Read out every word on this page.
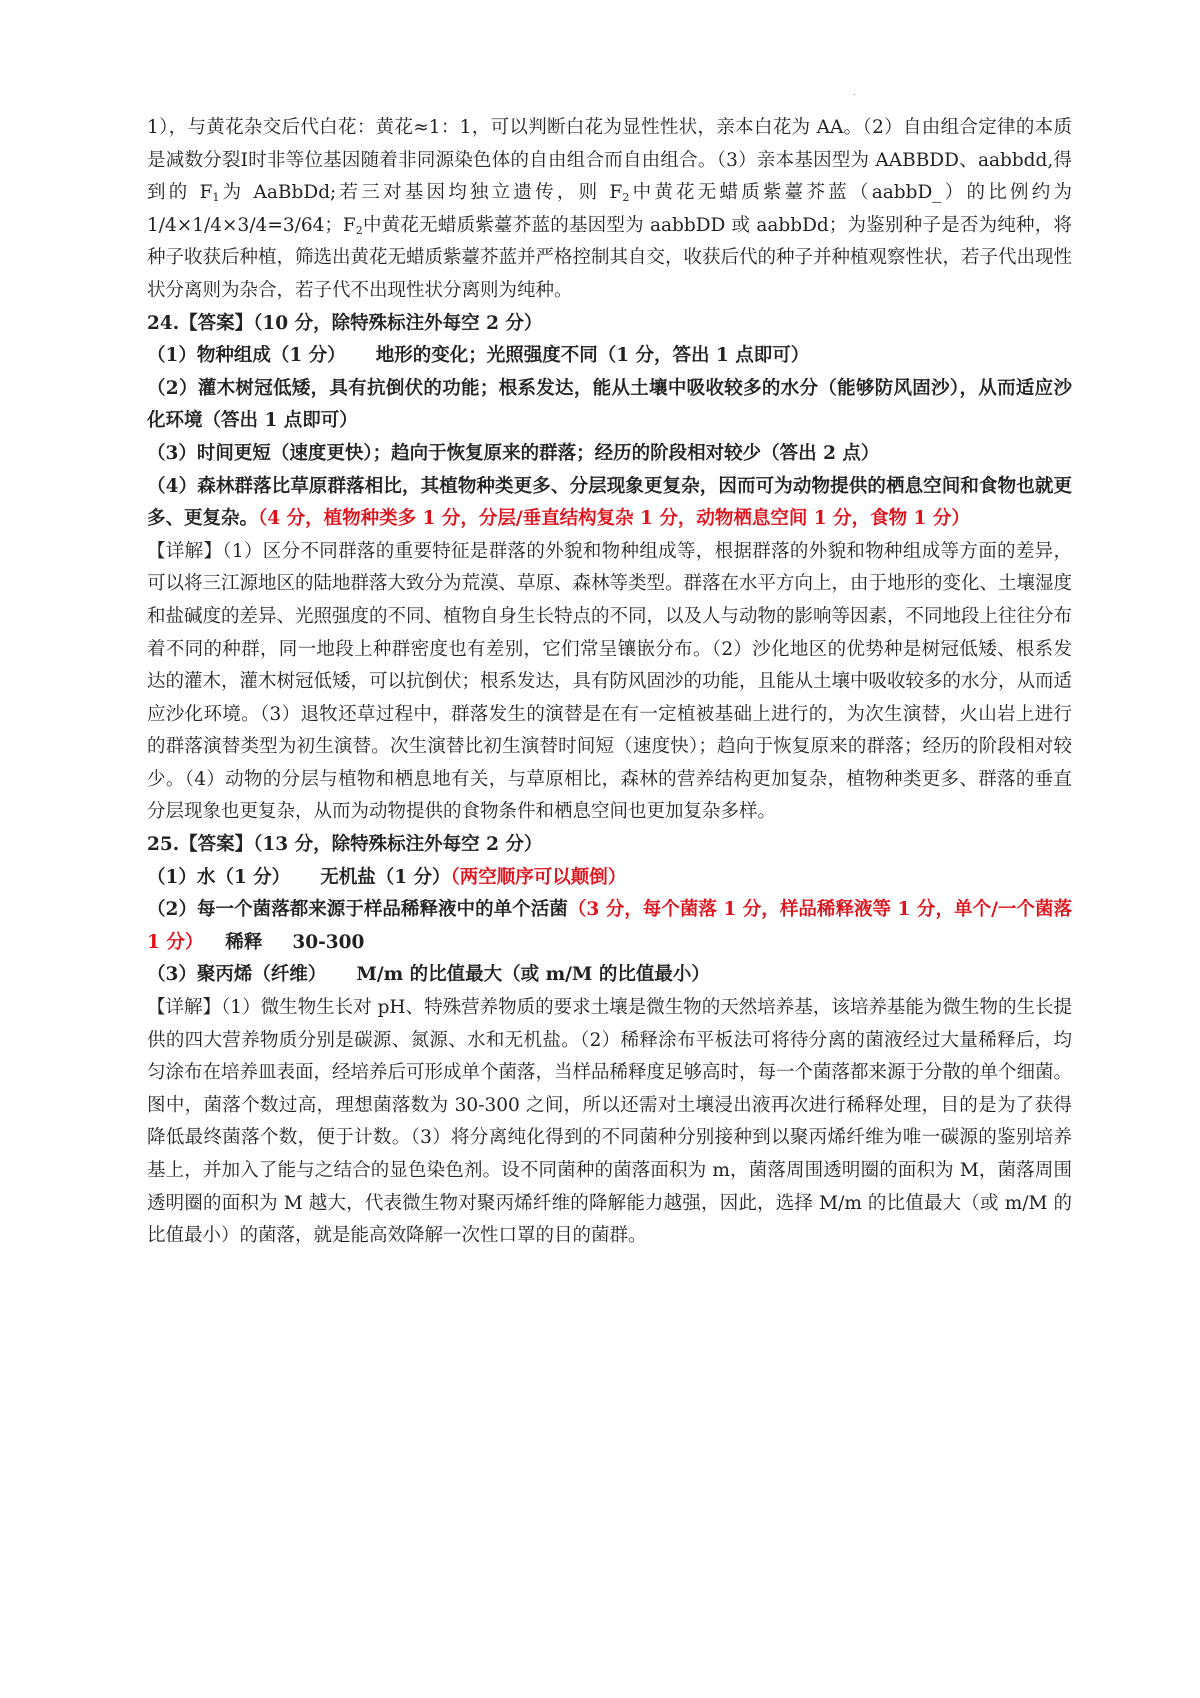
.

1），与黄花杂交后代白花：黄花≈1：1，可以判断白花为显性性状，亲本白花为 AA。（2）自由组合定律的本质是减数分裂Ⅰ时非等位基因随着非同源染色体的自由组合而自由组合。（3）亲本基因型为 AABBDD、aabbdd,得到的 $F_1$为 AaBbDd;若三对基因均独立遗传，则 $F_2$中黄花无蜡质紫薹芥蓝（aabbD_）的比例约为 1/4×1/4×3/4=3/64；$F_2$中黄花无蜡质紫薹芥蓝的基因型为 aabbDD 或 aabbDd；为鉴别种子是否为纯种，将种子收获后种植，筛选出黄花无蜡质紫薹芥蓝并严格控制其自交，收获后代的种子并种植观察性状，若子代出现性状分离则为杂合，若子代不出现性状分离则为纯种。

24.【答案】（10 分，除特殊标注外每空 2 分）

（1）物种组成（1 分） 地形的变化；光照强度不同（1 分，答出 1 点即可）

（2）灌木树冠低矮，具有抗倒伏的功能；根系发达，能从土壤中吸收较多的水分（能够防风固沙），从而适应沙化环境（答出 1 点即可）

（3）时间更短（速度更快）；趋向于恢复原来的群落；经历的阶段相对较少（答出 2 点）

（4）森林群落比草原群落相比，其植物种类更多、分层现象更复杂，因而可为动物提供的栖息空间和食物也就更多、更复杂。（4 分，植物种类多 1 分，分层/垂直结构复杂 1 分，动物栖息空间 1 分，食物 1 分）

【详解】（1）区分不同群落的重要特征是群落的外貌和物种组成等，根据群落的外貌和物种组成等方面的差异，可以将三江源地区的陆地群落大致分为荒漠、草原、森林等类型。群落在水平方向上，由于地形的变化、土壤湿度和盐碱度的差异、光照强度的不同、植物自身生长特点的不同，以及人与动物的影响等因素，不同地段上往往分布着不同的种群，同一地段上种群密度也有差别，它们常呈镶嵌分布。（2）沙化地区的优势种是树冠低矮、根系发达的灌木，灌木树冠低矮，可以抗倒伏；根系发达，具有防风固沙的功能，且能从土壤中吸收较多的水分，从而适应沙化环境。（3）退牧还草过程中，群落发生的演替是在有一定植被基础上进行的，为次生演替，火山岩上进行的群落演替类型为初生演替。次生演替比初生演替时间短（速度快）；趋向于恢复原来的群落；经历的阶段相对较少。（4）动物的分层与植物和栖息地有关，与草原相比，森林的营养结构更加复杂，植物种类更多、群落的垂直分层现象也更复杂，从而为动物提供的食物条件和栖息空间也更加复杂多样。

25.【答案】（13 分，除特殊标注外每空 2 分）

（1）水（1 分） 无机盐（1 分）（两空顺序可以颠倒）

（2）每一个菌落都来源于样品稀释液中的单个活菌（3 分，每个菌落 1 分，样品稀释液等 1 分，单个/一个菌落 1 分） 稀释 30-300

（3）聚丙烯（纤维） M/m 的比值最大（或 m/M 的比值最小）

【详解】（1）微生物生长对 pH、特殊营养物质的要求土壤是微生物的天然培养基，该培养基能为微生物的生长提供的四大营养物质分别是碳源、氮源、水和无机盐。（2）稀释涂布平板法可将待分离的菌液经过大量稀释后，均匀涂布在培养皿表面，经培养后可形成单个菌落，当样品稀释度足够高时，每一个菌落都来源于分散的单个细菌。图中，菌落个数过高，理想菌落数为 30-300 之间，所以还需对土壤浸出液再次进行稀释处理，目的是为了获得降低最终菌落个数，便于计数。（3）将分离纯化得到的不同菌种分别接种到以聚丙烯纤维为唯一碳源的鉴别培养基上，并加入了能与之结合的显色染色剂。设不同菌种的菌落面积为 m，菌落周围透明圈的面积为 M，菌落周围透明圈的面积为 M 越大，代表微生物对聚丙烯纤维的降解能力越强，因此，选择 M/m 的比值最大（或 m/M 的比值最小）的菌落，就是能高效降解一次性口罩的目的菌群。
